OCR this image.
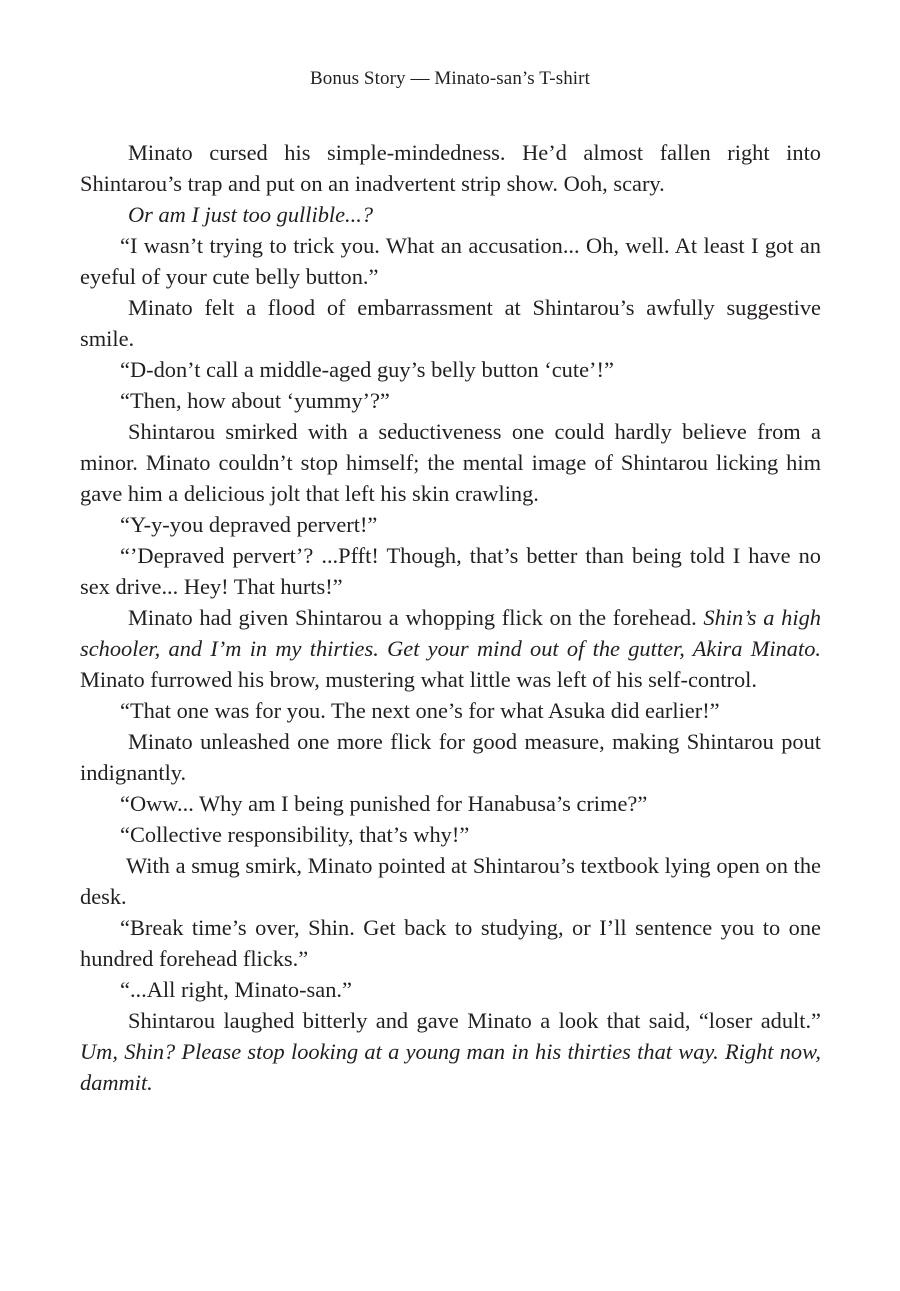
Bonus Story — Minato-san’s T-shirt

Minato cursed his simple-mindedness. He’d almost fallen right into Shintarou’s trap and put on an inadvertent strip show. Ooh, scary.

Or am I just too gullible...?

“I wasn’t trying to trick you. What an accusation... Oh, well. At least I got an eyeful of your cute belly button.”

Minato felt a flood of embarrassment at Shintarou’s awfully suggestive smile.

“D-don’t call a middle-aged guy’s belly button ‘cute’!”

“Then, how about ‘yummy’?”

Shintarou smirked with a seductiveness one could hardly believe from a minor. Minato couldn’t stop himself; the mental image of Shintarou licking him gave him a delicious jolt that left his skin crawling.

“Y-y-you depraved pervert!”

“’Depraved pervert’? ...Pfft! Though, that’s better than being told I have no sex drive... Hey! That hurts!”

Minato had given Shintarou a whopping flick on the forehead. Shin’s a high schooler, and I’m in my thirties. Get your mind out of the gutter, Akira Minato. Minato furrowed his brow, mustering what little was left of his self-control.

“That one was for you. The next one’s for what Asuka did earlier!”

Minato unleashed one more flick for good measure, making Shintarou pout indignantly.

“Oww... Why am I being punished for Hanabusa’s crime?”

“Collective responsibility, that’s why!”

With a smug smirk, Minato pointed at Shintarou’s textbook lying open on the desk.

“Break time’s over, Shin. Get back to studying, or I’ll sentence you to one hundred forehead flicks.”

“...All right, Minato-san.”

Shintarou laughed bitterly and gave Minato a look that said, “loser adult.” Um, Shin? Please stop looking at a young man in his thirties that way. Right now, dammit.
